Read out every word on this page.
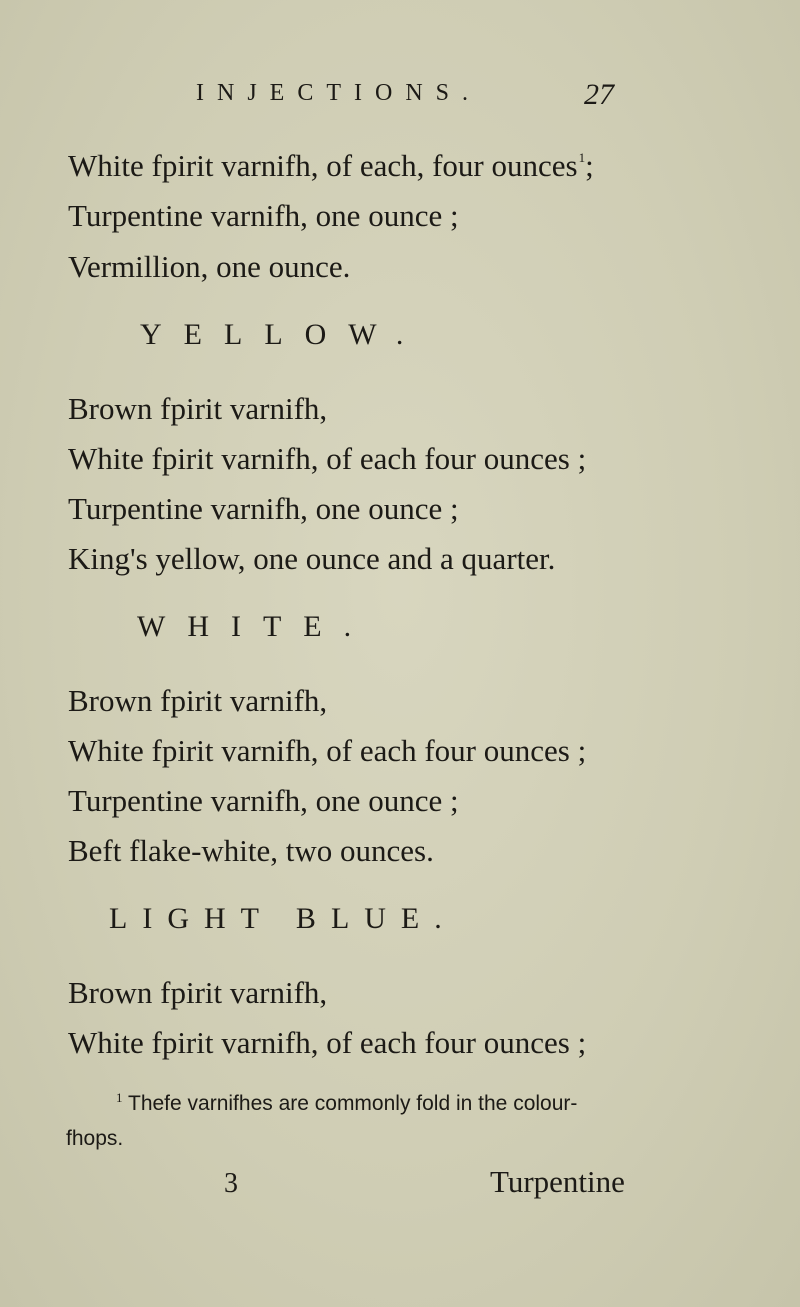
INJECTIONS.	27
White fpirit varnifh, of each, four ounces$^1$;
Turpentine varnifh, one ounce ;
Vermillion, one ounce.
YELLOW.
Brown fpirit varnifh,
White fpirit varnifh, of each four ounces ;
Turpentine varnifh, one ounce ;
King's yellow, one ounce and a quarter.
WHITE.
Brown fpirit varnifh,
White fpirit varnifh, of each four ounces ;
Turpentine varnifh, one ounce ;
Beft flake-white, two ounces.
LIGHT BLUE.
Brown fpirit varnifh,
White fpirit varnifh, of each four ounces ;
1 Thefe varnifhes are commonly fold in the colour-
fhops.
3	Turpentine
